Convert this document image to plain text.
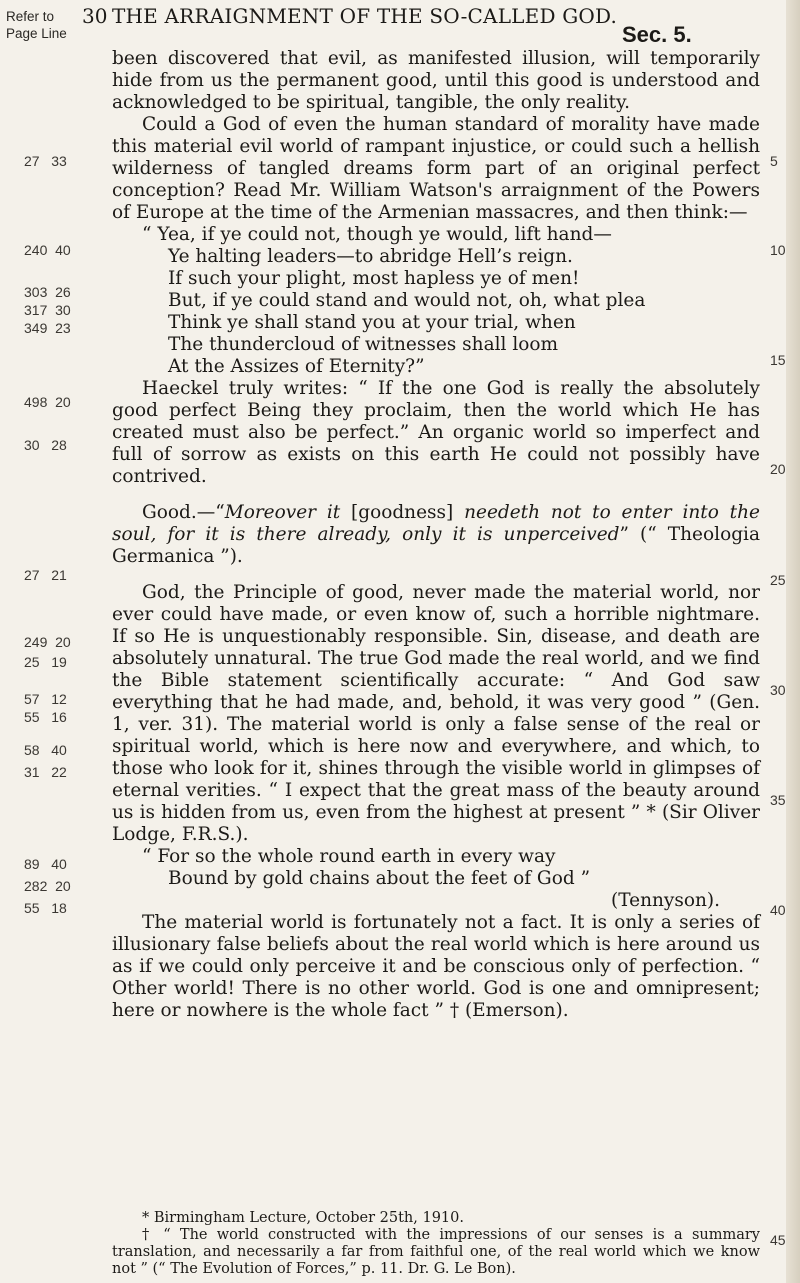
Refer to
Page Line
30 THE ARRAIGNMENT OF THE SO-CALLED GOD.
Sec. 5.
27   33
240  40
303  26
317  30
349  23
498  20
30   28
27   21
249  20
25   19
57   12
55   16
58   40
31   22
89   40
282  20
55   18
5
10
15
20
25
30
35
40
45

been discovered that evil, as manifested illusion, will temporarily hide from us the permanent good, until this good is understood and acknowledged to be spiritual, tangible, the only reality.

Could a God of even the human standard of morality have made this material evil world of rampant injustice, or could such a hellish wilderness of tangled dreams form part of an original perfect conception? Read Mr. William Watson's arraignment of the Powers of Europe at the time of the Armenian massacres, and then think:—

“ Yea, if ye could not, though ye would, lift hand—

Ye halting leaders—to abridge Hell’s reign.

If such your plight, most hapless ye of men!

But, if ye could stand and would not, oh, what plea

Think ye shall stand you at your trial, when

The thundercloud of witnesses shall loom

At the Assizes of Eternity?”

Haeckel truly writes: “ If the one God is really the absolutely good perfect Being they proclaim, then the world which He has created must also be perfect.” An organic world so imperfect and full of sorrow as exists on this earth He could not possibly have contrived.

Good.—“Moreover it [goodness] needeth not to enter into the soul, for it is there already, only it is unperceived” (“ Theologia Germanica ”).

God, the Principle of good, never made the material world, nor ever could have made, or even know of, such a horrible nightmare. If so He is unquestionably responsible. Sin, disease, and death are absolutely unnatural. The true God made the real world, and we find the Bible statement scientifically accurate: “ And God saw everything that he had made, and, behold, it was very good ” (Gen. 1, ver. 31). The material world is only a false sense of the real or spiritual world, which is here now and everywhere, and which, to those who look for it, shines through the visible world in glimpses of eternal verities. “ I expect that the great mass of the beauty around us is hidden from us, even from the highest at present ” * (Sir Oliver Lodge, F.R.S.).

“ For so the whole round earth in every way

Bound by gold chains about the feet of God ”

(Tennyson).

The material world is fortunately not a fact. It is only a series of illusionary false beliefs about the real world which is here around us as if we could only perceive it and be conscious only of perfection. “ Other world! There is no other world. God is one and omnipresent; here or nowhere is the whole fact ” † (Emerson).

* Birmingham Lecture, October 25th, 1910.

† “ The world constructed with the impressions of our senses is a summary translation, and necessarily a far from faithful one, of the real world which we know not ” (“ The Evolution of Forces,” p. 11. Dr. G. Le Bon).
